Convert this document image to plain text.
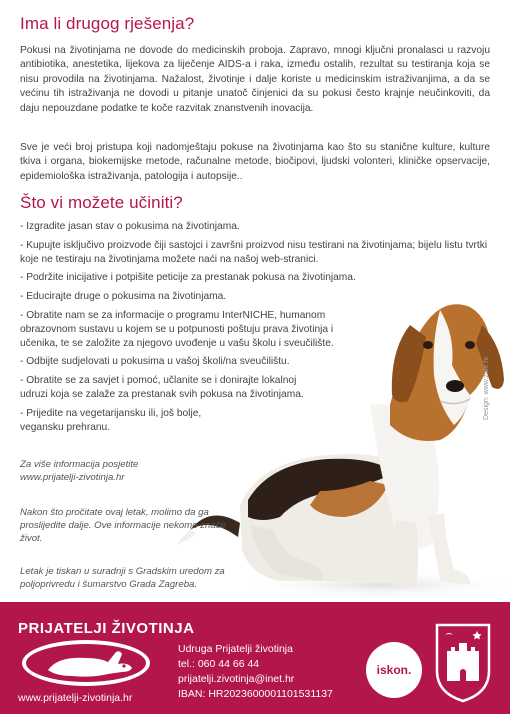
Ima li drugog rješenja?

Pokusi na životinjama ne dovode do medicinskih proboja. Zapravo, mnogi ključni pronalasci u razvoju antibiotika, anestetika, lijekova za liječenje AIDS-a i raka, između ostalih, rezultat su testiranja koja se nisu provodila na životinjama. Nažalost, životinje i dalje koriste u medicinskim istraživanjima, a da se većinu tih istraživanja ne dovodi u pitanje unatoč činjenici da su pokusi često krajnje neučinkoviti, da daju nepouzdane podatke te koče razvitak znanstvenih inovacija.

Sve je veći broj pristupa koji nadomještaju pokuse na životinjama kao što su stanične kulture, kulture tkiva i organa, biokemijske metode, računalne metode, biočipovi, ljudski volonteri, kliničke opservacije, epidemiološka istraživanja, patologija i autopsije..

Što vi možete učiniti?
- Izgradite jasan stav o pokusima na životinjama.
- Kupujte isključivo proizvode čiji sastojci i završni proizvod nisu testirani na životinjama; bijelu listu tvrtki koje ne testiraju na životinjama možete naći na našoj web-stranici.
- Podržite inicijative i potpišite peticije za prestanak pokusa na životinjama.
- Educirajte druge o pokusima na životinjama.
- Obratite nam se za informacije o programu InterNICHE, humanom obrazovnom sustavu u kojem se u potpunosti poštuju prava životinja i učenika, te se založite za njegovo uvođenje u vašu školu i sveučilište.
- Odbijte sudjelovati u pokusima u vašoj školi/na sveučilištu.
- Obratite se za savjet i pomoć, učlanite se i donirajte lokalnoj udruzi koja se zalaže za prestanak svih pokusa na životinjama.
- Prijedite na vegetarijansku ili, još bolje, vegansku prehranu.

Za više informacija posjetite www.prijatelji-zivotinja.hr

Nakon što pročitate ovaj letak, molimo da ga proslijedite dalje. Ove informacije nekome znače život.

Letak je tiskan u suradnji s Gradskim uredom za poljoprivredu i šumarstvo Grada Zagreba.

Design: www.zale.hr
PRIJATELJI ŽIVOTINJA
www.prijatelji-zivotinja.hr
Udruga Prijatelji životinja
tel.: 060 44 66 44
prijatelji.zivotinja@inet.hr
IBAN: HR2023600001101531137
iskon.
